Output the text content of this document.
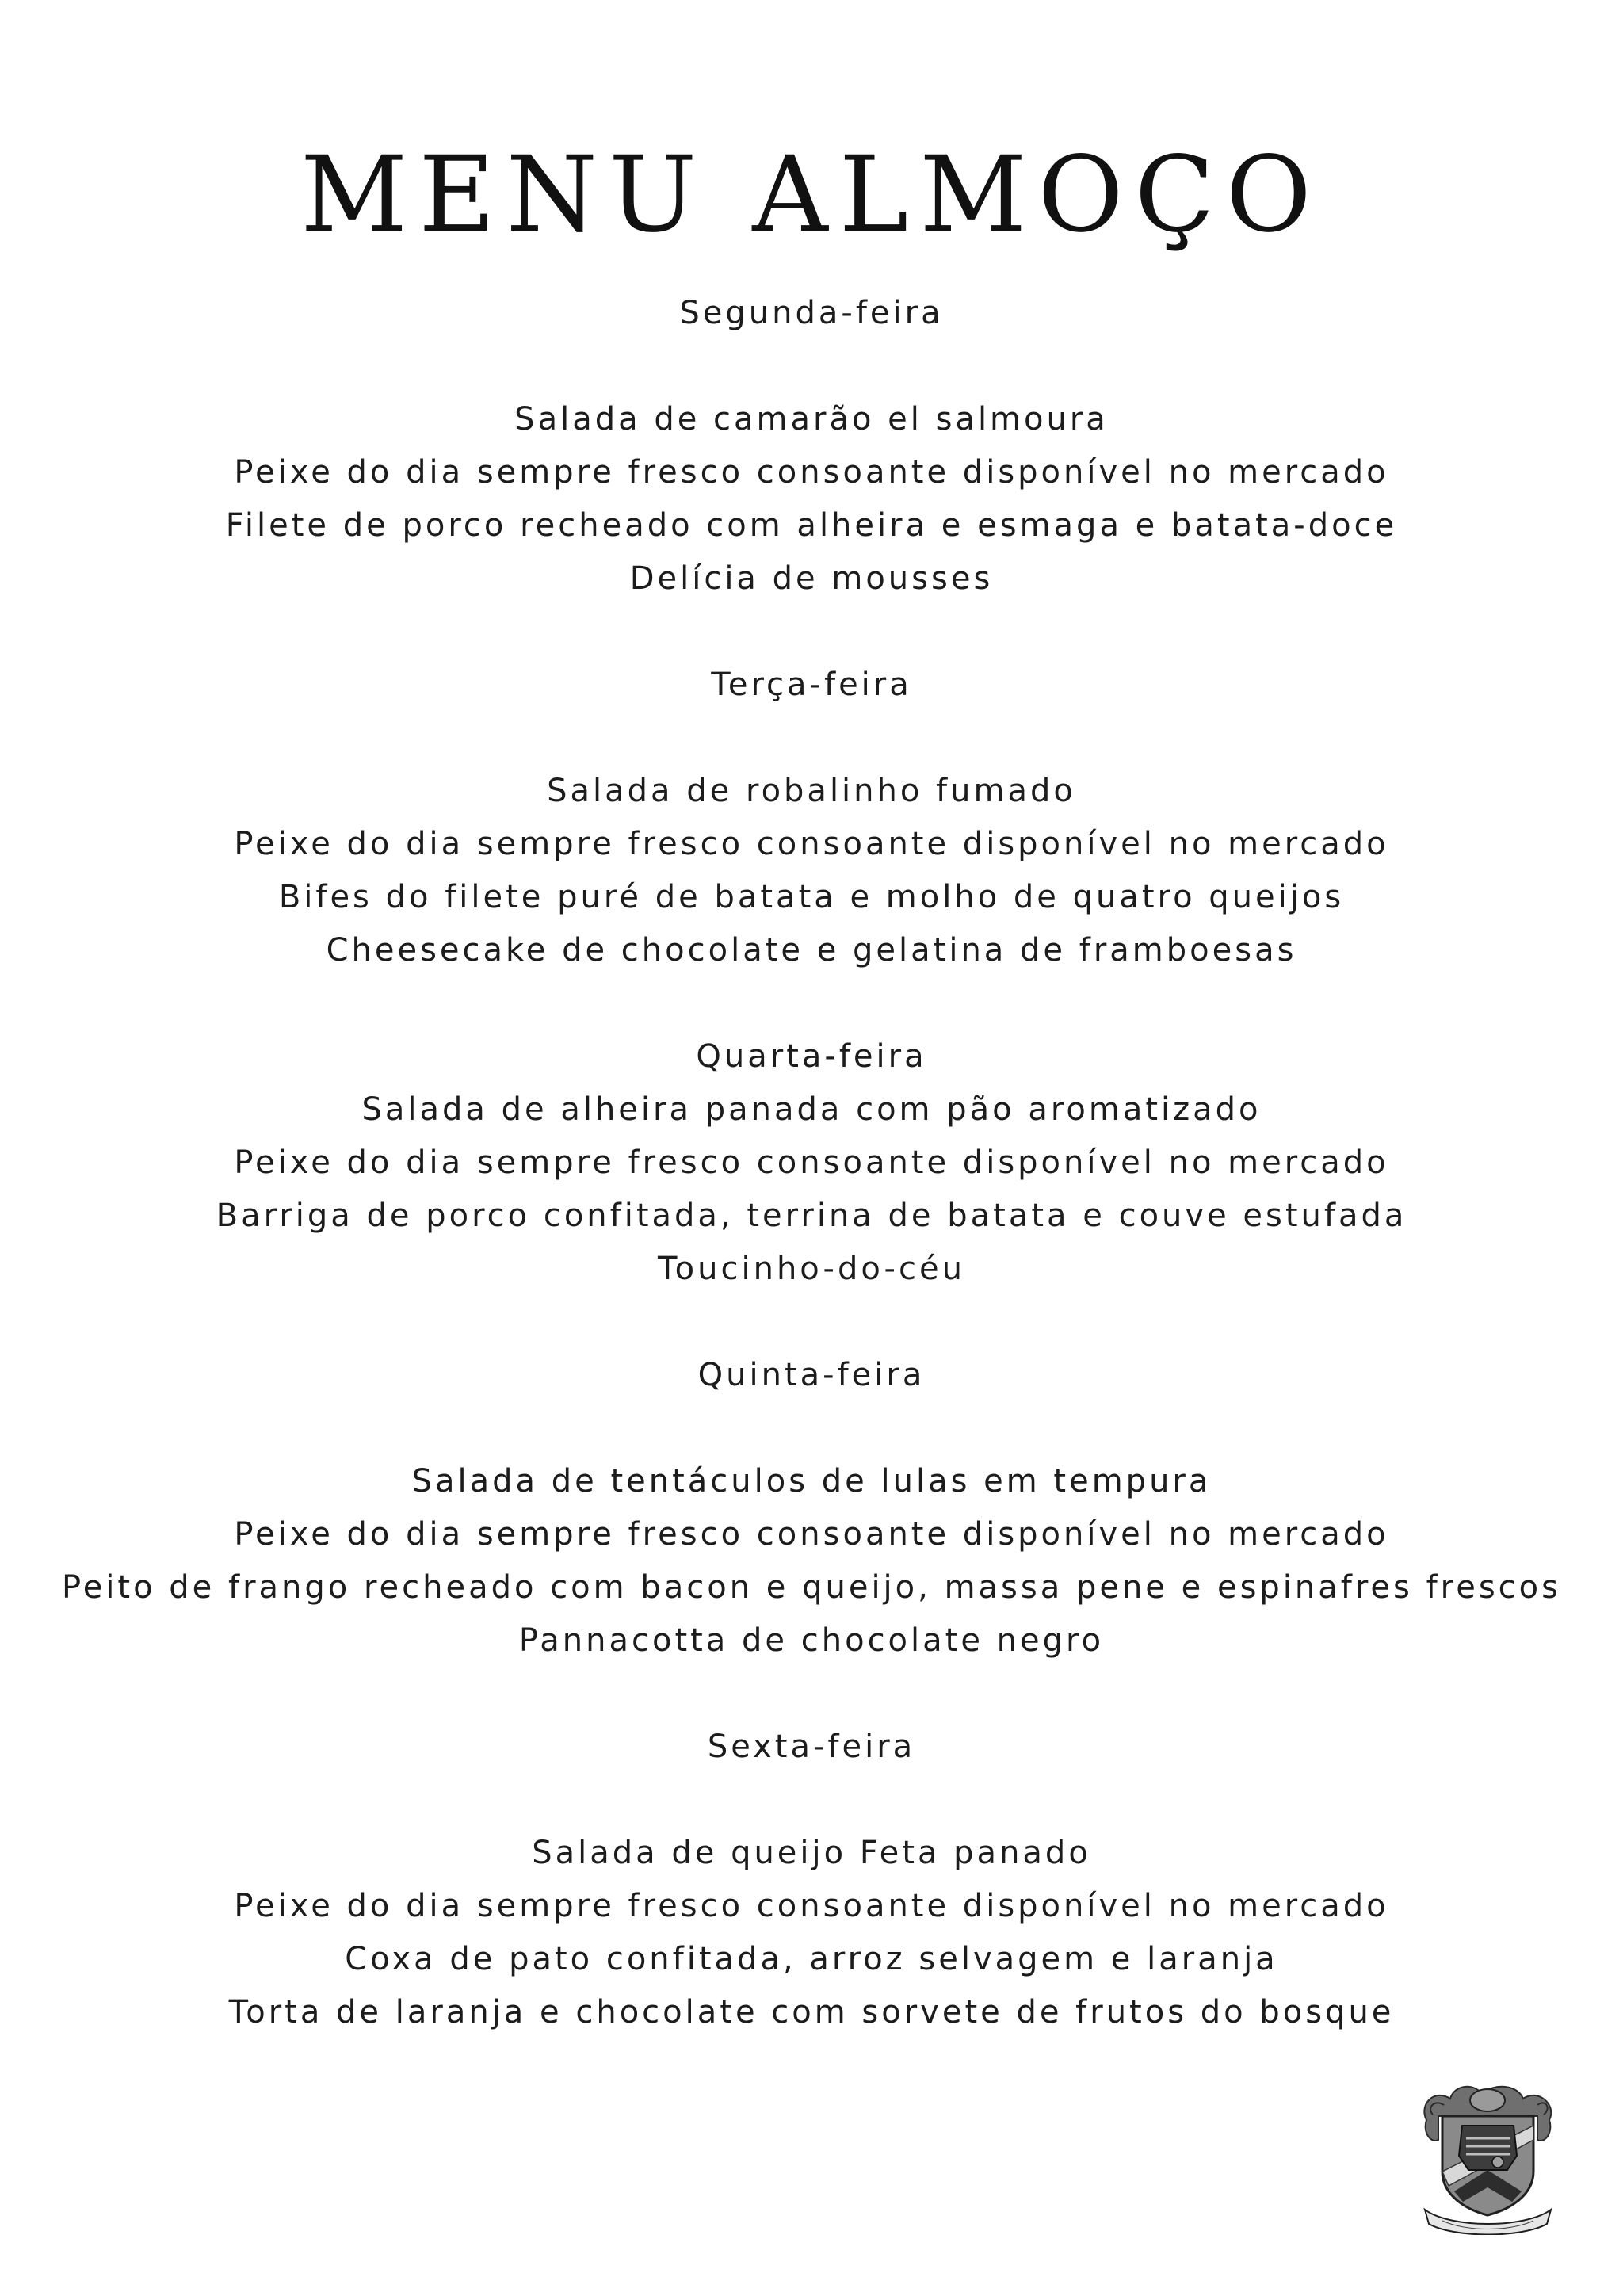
MENU ALMOÇO
Segunda-feira
Salada de camarão el salmoura
Peixe do dia sempre fresco consoante disponível no mercado
Filete de porco recheado com alheira e esmaga e batata-doce
Delícia de mousses
Terça-feira
Salada de robalinho fumado
Peixe do dia sempre fresco consoante disponível no mercado
Bifes do filete puré de batata e molho de quatro queijos
Cheesecake de chocolate e gelatina de framboesas
Quarta-feira
Salada de alheira panada com pão aromatizado
Peixe do dia sempre fresco consoante disponível no mercado
Barriga de porco confitada, terrina de batata e couve estufada
Toucinho-do-céu
Quinta-feira
Salada de tentáculos de lulas em tempura
Peixe do dia sempre fresco consoante disponível no mercado
Peito de frango recheado com bacon e queijo, massa pene e espinafres frescos
Pannacotta de chocolate negro
Sexta-feira
Salada de queijo Feta panado
Peixe do dia sempre fresco consoante disponível no mercado
Coxa de pato confitada, arroz selvagem e laranja
Torta de laranja e chocolate com sorvete de frutos do bosque
